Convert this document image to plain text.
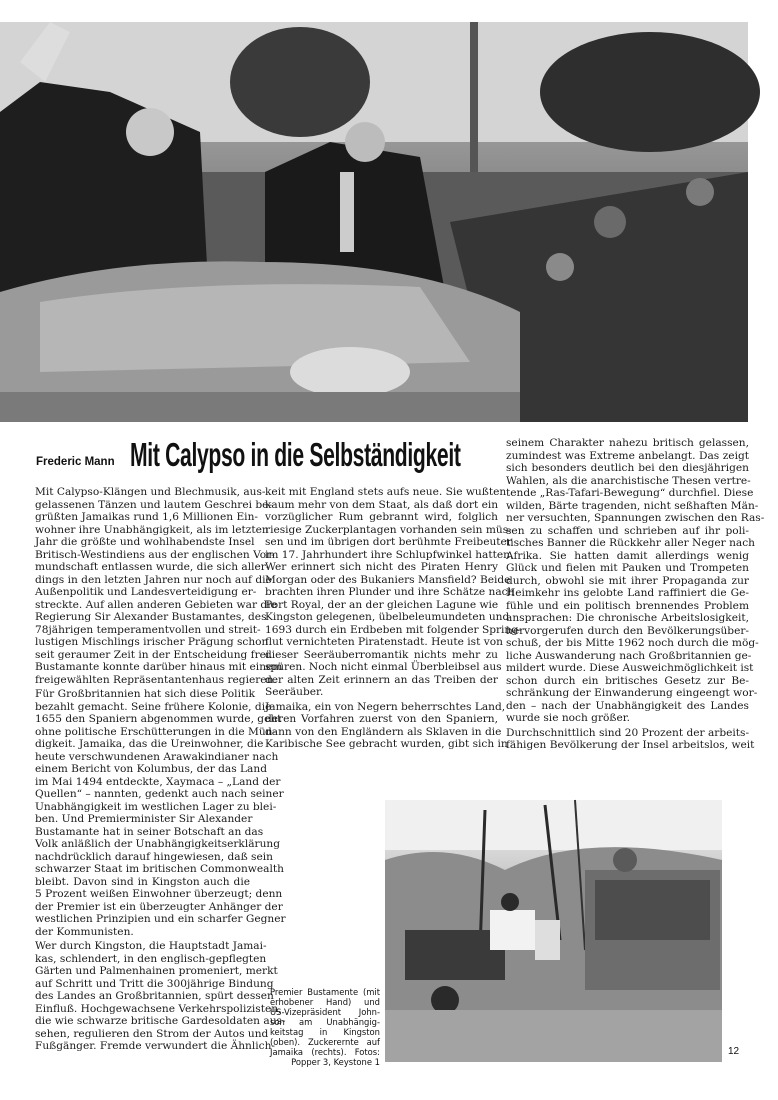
Frederic Mann Mit Calypso in die Selbständigkeit
Mit Calypso-Klängen und Blechmusik, aus-
gelassenen Tänzen und lautem Geschrei be-
grüßten Jamaikas rund 1,6 Millionen Ein-
wohner ihre Unabhängigkeit, als im letzten
Jahr die größte und wohlhabendste Insel
Britisch-Westindiens aus der englischen Vor-
mundschaft entlassen wurde, die sich aller-
dings in den letzten Jahren nur noch auf die
Außenpolitik und Landesverteidigung er-
streckte. Auf allen anderen Gebieten war die
Regierung Sir Alexander Bustamantes, des
78jährigen temperamentvollen und streit-
lustigen Mischlings irischer Prägung schon
seit geraumer Zeit in der Entscheidung frei.
Bustamante konnte darüber hinaus mit einem
freigewählten Repräsentantenhaus regieren.
Für Großbritannien hat sich diese Politik
bezahlt gemacht. Seine frühere Kolonie, die
1655 den Spaniern abgenommen wurde, geht
ohne politische Erschütterungen in die Mün-
digkeit. Jamaika, das die Ureinwohner, die
heute verschwundenen Arawakindianer nach
einem Bericht von Kolumbus, der das Land
im Mai 1494 entdeckte, Xaymaca – „Land der
Quellen“ – nannten, gedenkt auch nach seiner
Unabhängigkeit im westlichen Lager zu blei-
ben. Und Premierminister Sir Alexander
Bustamante hat in seiner Botschaft an das
Volk anläßlich der Unabhängigkeitserklärung
nachdrücklich darauf hingewiesen, daß sein
schwarzer Staat im britischen Commonwealth
bleibt. Davon sind in Kingston auch die
5 Prozent weißen Einwohner überzeugt; denn
der Premier ist ein überzeugter Anhänger der
westlichen Prinzipien und ein scharfer Gegner
der Kommunisten.
Wer durch Kingston, die Hauptstadt Jamai-
kas, schlendert, in den englisch-gepflegten
Gärten und Palmenhainen promeniert, merkt
auf Schritt und Tritt die 300jährige Bindung
des Landes an Großbritannien, spürt dessen
Einfluß. Hochgewachsene Verkehrspolizisten,
die wie schwarze britische Gardesoldaten aus-
sehen, regulieren den Strom der Autos und
Fußgänger. Fremde verwundert die Ähnlich-
keit mit England stets aufs neue. Sie wußten
kaum mehr von dem Staat, als daß dort ein
vorzüglicher Rum gebrannt wird, folglich
riesige Zuckerplantagen vorhanden sein müs-
sen und im übrigen dort berühmte Freibeuter
im 17. Jahrhundert ihre Schlupfwinkel hatten.
Wer erinnert sich nicht des Piraten Henry
Morgan oder des Bukaniers Mansfield? Beide
brachten ihren Plunder und ihre Schätze nach
Port Royal, der an der gleichen Lagune wie
Kingston gelegenen, übelbeleumundeten und
1693 durch ein Erdbeben mit folgender Spring-
flut vernichteten Piratenstadt. Heute ist von
dieser Seeräuberromantik nichts mehr zu
spüren. Noch nicht einmal Überbleibsel aus
der alten Zeit erinnern an das Treiben der
Seeräuber.
Jamaika, ein von Negern beherrschtes Land,
deren Vorfahren zuerst von den Spaniern,
dann von den Engländern als Sklaven in die
Karibische See gebracht wurden, gibt sich in
seinem Charakter nahezu britisch gelassen,
zumindest was Extreme anbelangt. Das zeigt
sich besonders deutlich bei den diesjährigen
Wahlen, als die anarchistische Thesen vertre-
tende „Ras-Tafari-Bewegung“ durchfiel. Diese
wilden, Bärte tragenden, nicht seßhaften Män-
ner versuchten, Spannungen zwischen den Ras-
sen zu schaffen und schrieben auf ihr poli-
tisches Banner die Rückkehr aller Neger nach
Afrika. Sie hatten damit allerdings wenig
Glück und fielen mit Pauken und Trompeten
durch, obwohl sie mit ihrer Propaganda zur
Heimkehr ins gelobte Land raffiniert die Ge-
fühle und ein politisch brennendes Problem
ansprachen: Die chronische Arbeitslosigkeit,
hervorgerufen durch den Bevölkerungsüber-
schuß, der bis Mitte 1962 noch durch die mög-
liche Auswanderung nach Großbritannien ge-
mildert wurde. Diese Ausweichmöglichkeit ist
schon durch ein britisches Gesetz zur Be-
schränkung der Einwanderung eingeengt wor-
den – nach der Unabhängigkeit des Landes
wurde sie noch größer.
Durchschnittlich sind 20 Prozent der arbeits-
fähigen Bevölkerung der Insel arbeitslos, weit
Premier Bustamente (mit
erhobener Hand) und
US-Vizepräsident John-
son am Unabhängig-
keitstag in Kingston
(oben). Zuckerernte auf
Jamaika (rechts). Fotos:
Popper 3, Keystone 1
12
